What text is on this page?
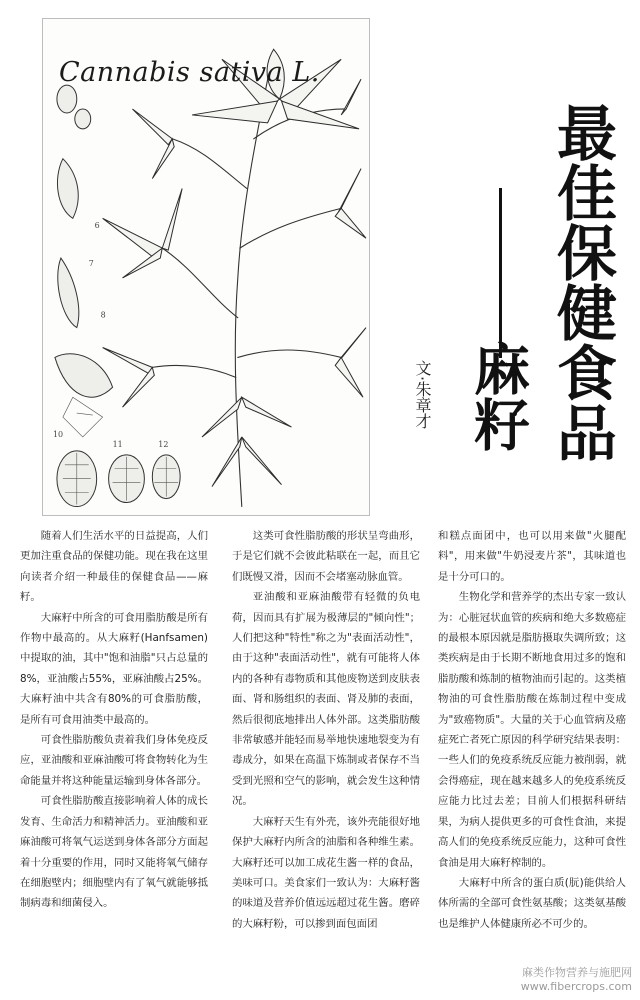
6
7
8
10
11	12
Cannabis sativa L.
最佳保健食品
麻籽
文·朱章才

随着人们生活水平的日益提高，人们更加注重食品的保健功能。现在我在这里向读者介绍一种最佳的保健食品——麻籽。

大麻籽中所含的可食用脂肪酸是所有作物中最高的。从大麻籽(Hanfsamen)中提取的油，其中"饱和油脂"只占总量的8%，亚油酸占55%，亚麻油酸占25%。大麻籽油中共含有80%的可食脂肪酸，是所有可食用油类中最高的。

可食性脂肪酸负责着我们身体免疫反应，亚油酸和亚麻油酸可将食物转化为生命能量并将这种能量运输到身体各部分。

可食性脂肪酸直接影响着人体的成长发育、生命活力和精神活力。亚油酸和亚麻油酸可将氧气运送到身体各部分方面起着十分重要的作用，同时又能将氧气储存在细胞壁内；细胞壁内有了氧气就能够抵制病毒和细菌侵入。

这类可食性脂肪酸的形状呈弯曲形，于是它们就不会彼此粘联在一起，而且它们既慢又滑，因而不会堵塞动脉血管。

亚油酸和亚麻油酸带有轻微的负电荷，因而具有扩展为极薄层的"倾向性"；人们把这种"特性"称之为"表面活动性"，由于这种"表面活动性"，就有可能将人体内的各种有毒物质和其他废物送到皮肤表面、肾和肠组织的表面、肾及肺的表面，然后很彻底地排出人体外部。这类脂肪酸非常敏感并能轻而易举地快速地裂变为有毒成分，如果在高温下炼制或者保存不当受到光照和空气的影响，就会发生这种情况。

大麻籽天生有外壳，该外壳能很好地保护大麻籽内所含的油脂和各种维生素。大麻籽还可以加工成花生酱一样的食品，美味可口。美食家们一致认为：大麻籽酱的味道及营养价值远远超过花生酱。磨碎的大麻籽粉，可以掺到面包面团

和糕点面团中，也可以用来做"火腿配料"，用来做"牛奶浸麦片茶"，其味道也是十分可口的。

生物化学和营养学的杰出专家一致认为：心脏冠状血管的疾病和绝大多数癌症的最根本原因就是脂肪摄取失调所致；这类疾病是由于长期不断地食用过多的饱和脂肪酸和炼制的植物油而引起的。这类植物油的可食性脂肪酸在炼制过程中变成为"致癌物质"。大量的关于心血管病及癌症死亡者死亡原因的科学研究结果表明：一些人们的免疫系统反应能力被削弱，就会得癌症，现在越来越多人的免疫系统反应能力比过去差；目前人们根据科研结果，为病人提供更多的可食性食油，来提高人们的免疫系统反应能力，这种可食性食油是用大麻籽榨制的。

大麻籽中所含的蛋白质(朊)能供给人体所需的全部可食性氨基酸；这类氨基酸也是维护人体健康所必不可少的。

麻类作物营养与施肥网
www.fibercrops.com
